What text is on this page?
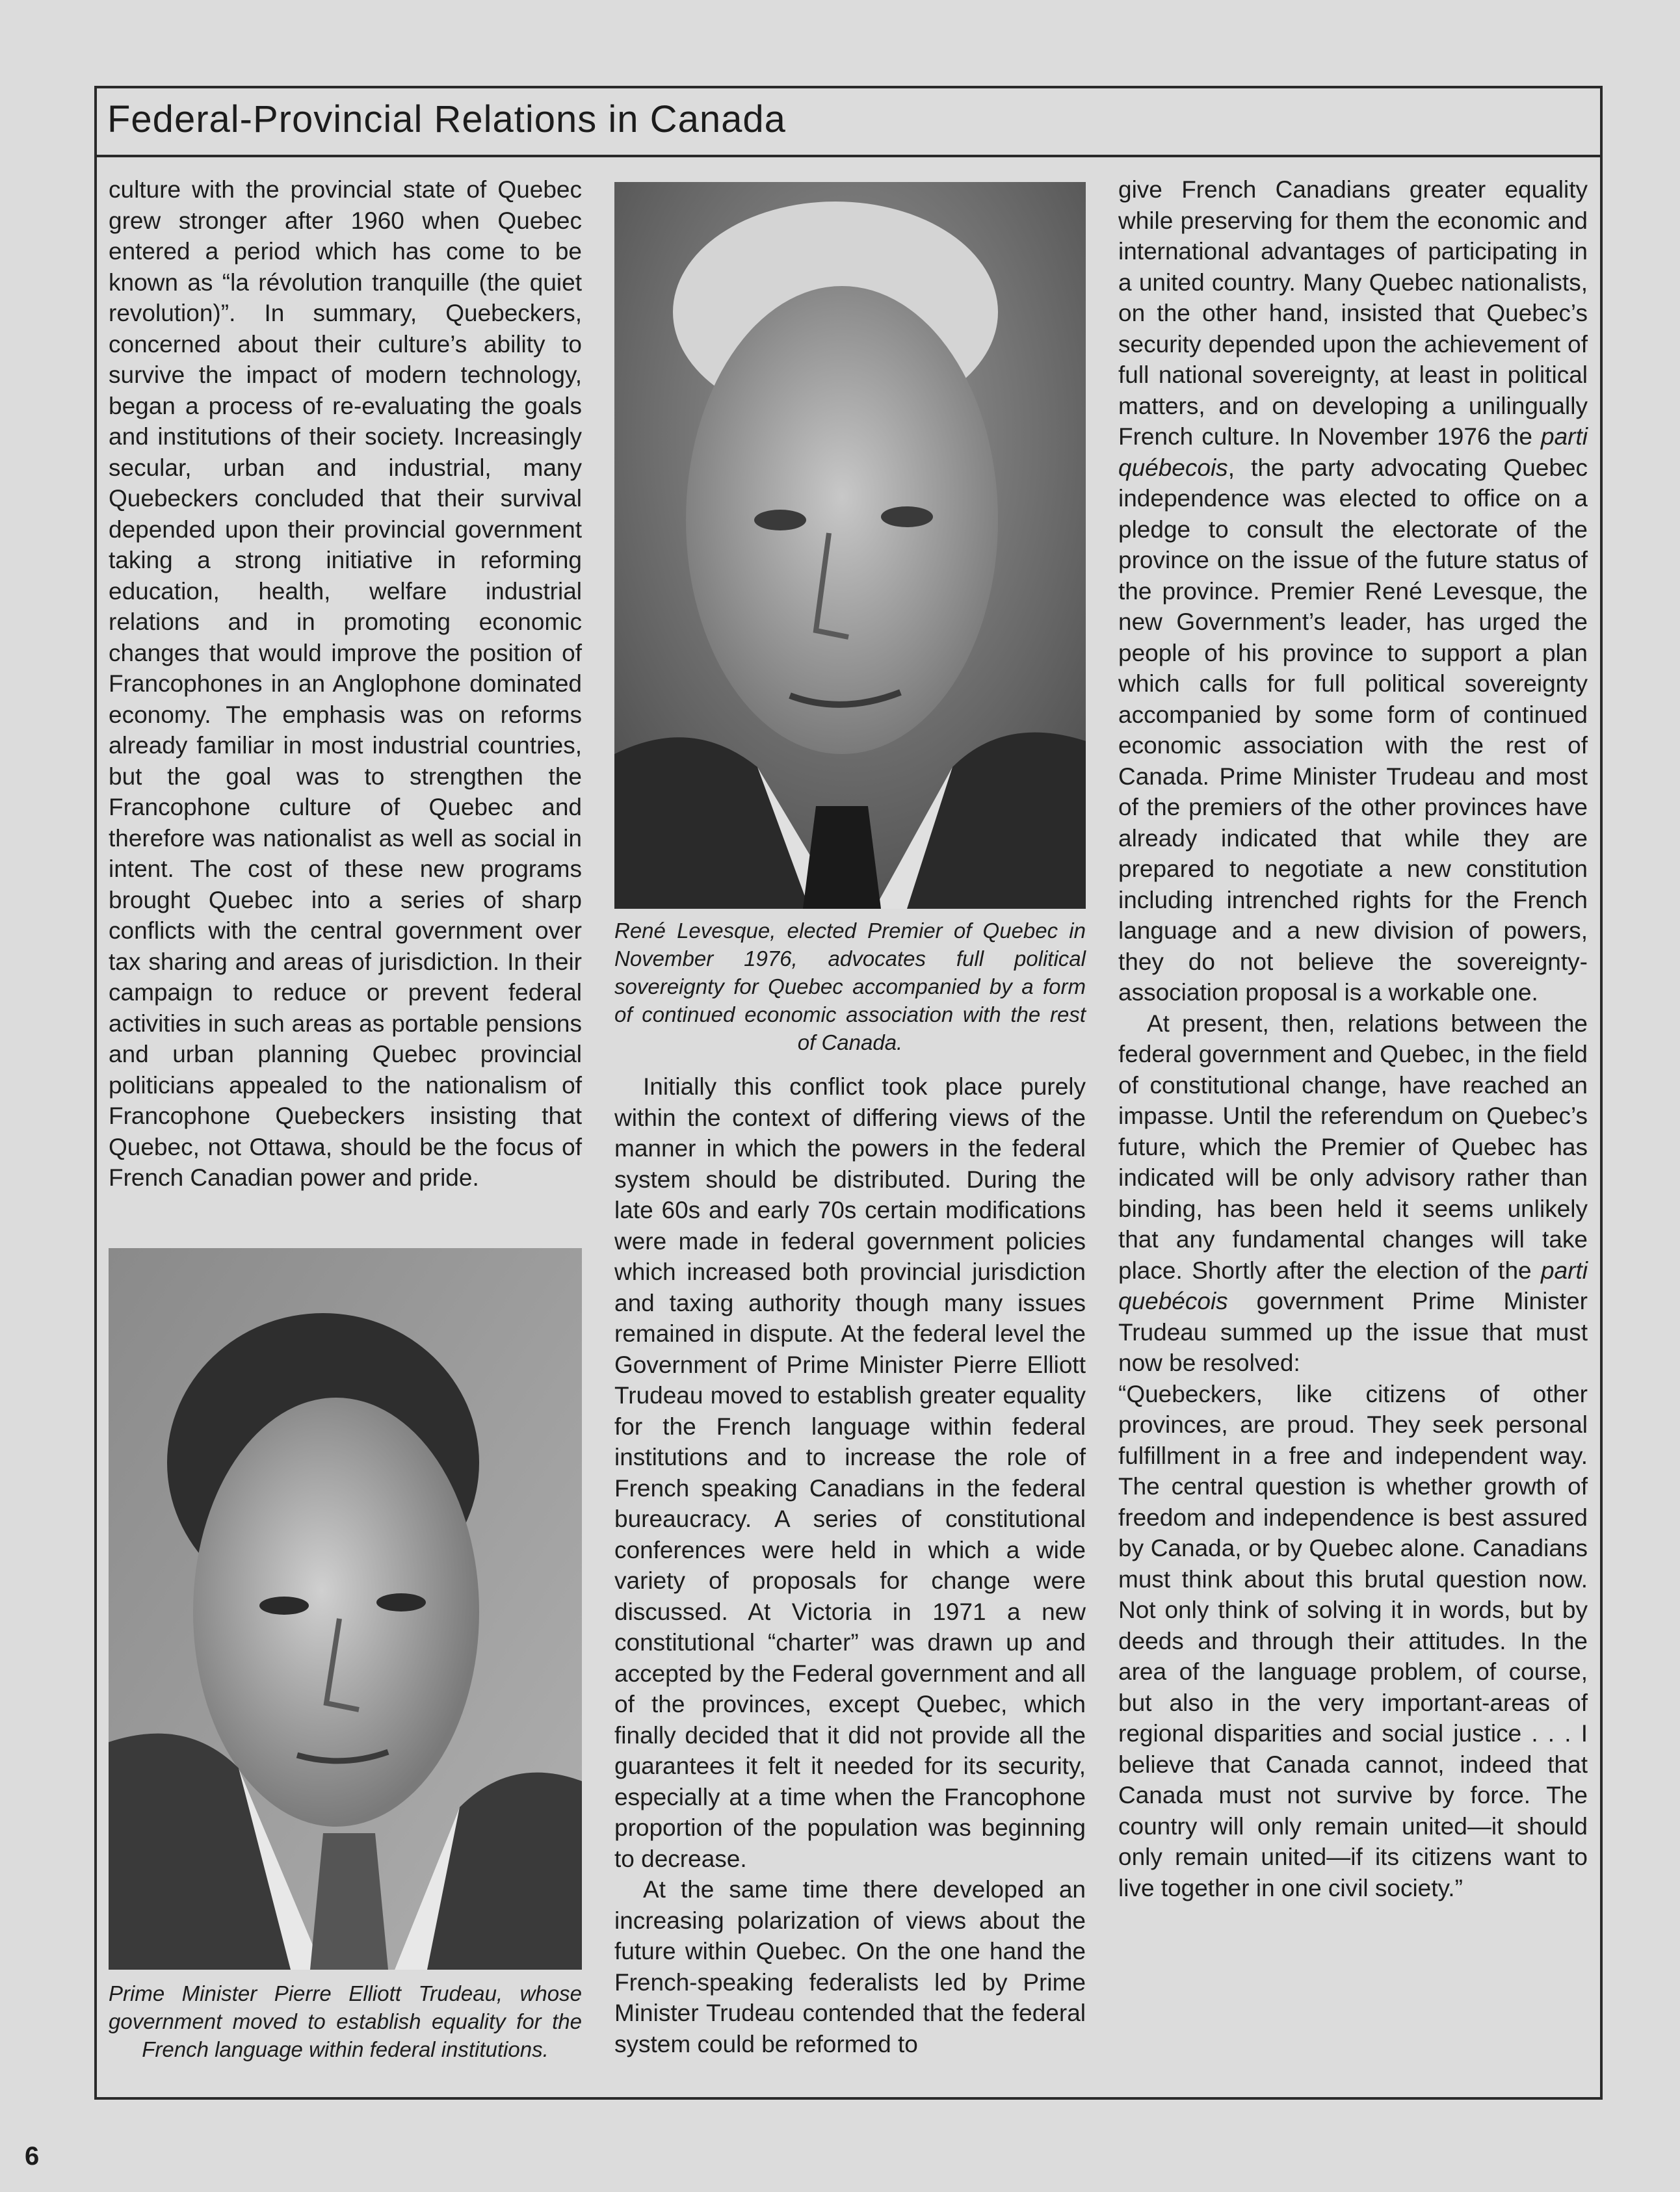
Federal-Provincial Relations in Canada

culture with the provincial state of Quebec grew stronger after 1960 when Quebec entered a period which has come to be known as “la révolution tranquille (the quiet revolution)”. In summary, Quebeckers, concerned about their culture’s ability to survive the impact of modern technology, began a process of re-evaluating the goals and institutions of their society. Increasingly secular, urban and industrial, many Quebeckers concluded that their survival depended upon their provincial government taking a strong initiative in reforming education, health, welfare industrial relations and in promoting economic changes that would improve the position of Francophones in an Anglophone dominated economy. The emphasis was on reforms already familiar in most industrial countries, but the goal was to strengthen the Francophone culture of Quebec and therefore was nationalist as well as social in intent. The cost of these new programs brought Quebec into a series of sharp conflicts with the central government over tax sharing and areas of jurisdiction. In their campaign to reduce or prevent federal activities in such areas as portable pensions and urban planning Quebec provincial politicians appealed to the nationalism of Francophone Quebeckers insisting that Quebec, not Ottawa, should be the focus of French Canadian power and pride.

René Levesque, elected Premier of Quebec in November 1976, advocates full political sovereignty for Quebec accompanied by a form of continued economic association with the rest of Canada.
Prime Minister Pierre Elliott Trudeau, whose government moved to establish equality for the French language within federal institutions.

Initially this conflict took place purely within the context of differing views of the manner in which the powers in the federal system should be distributed. During the late 60s and early 70s certain modifications were made in federal government policies which increased both provincial jurisdiction and taxing authority though many issues remained in dispute. At the federal level the Government of Prime Minister Pierre Elliott Trudeau moved to establish greater equality for the French language within federal institutions and to increase the role of French speaking Canadians in the federal bureaucracy. A series of constitutional conferences were held in which a wide variety of proposals for change were discussed. At Victoria in 1971 a new constitutional “charter” was drawn up and accepted by the Federal government and all of the provinces, except Quebec, which finally decided that it did not provide all the guarantees it felt it needed for its security, especially at a time when the Francophone proportion of the population was beginning to decrease.

At the same time there developed an increasing polarization of views about the future within Quebec. On the one hand the French-speaking federalists led by Prime Minister Trudeau contended that the federal system could be reformed to

give French Canadians greater equality while preserving for them the economic and international advantages of participating in a united country. Many Quebec nationalists, on the other hand, insisted that Quebec’s security depended upon the achievement of full national sovereignty, at least in political matters, and on developing a unilingually French culture. In November 1976 the parti québecois, the party advocating Quebec independence was elected to office on a pledge to consult the electorate of the province on the issue of the future status of the province. Premier René Levesque, the new Government’s leader, has urged the people of his province to support a plan which calls for full political sovereignty accompanied by some form of continued economic association with the rest of Canada. Prime Minister Trudeau and most of the premiers of the other provinces have already indicated that while they are prepared to negotiate a new constitution including intrenched rights for the French language and a new division of powers, they do not believe the sovereignty-association proposal is a workable one.

At present, then, relations between the federal government and Quebec, in the field of constitutional change, have reached an impasse. Until the referendum on Quebec’s future, which the Premier of Quebec has indicated will be only advisory rather than binding, has been held it seems unlikely that any fundamental changes will take place. Shortly after the election of the parti quebécois government Prime Minister Trudeau summed up the issue that must now be resolved:

“Quebeckers, like citizens of other provinces, are proud. They seek personal fulfillment in a free and independent way. The central question is whether growth of freedom and independence is best assured by Canada, or by Quebec alone. Canadians must think about this brutal question now. Not only think of solving it in words, but by deeds and through their attitudes. In the area of the language problem, of course, but also in the very important-areas of regional disparities and social justice . . . I believe that Canada cannot, indeed that Canada must not survive by force. The country will only remain united—it should only remain united—if its citizens want to live together in one civil society.”

6
